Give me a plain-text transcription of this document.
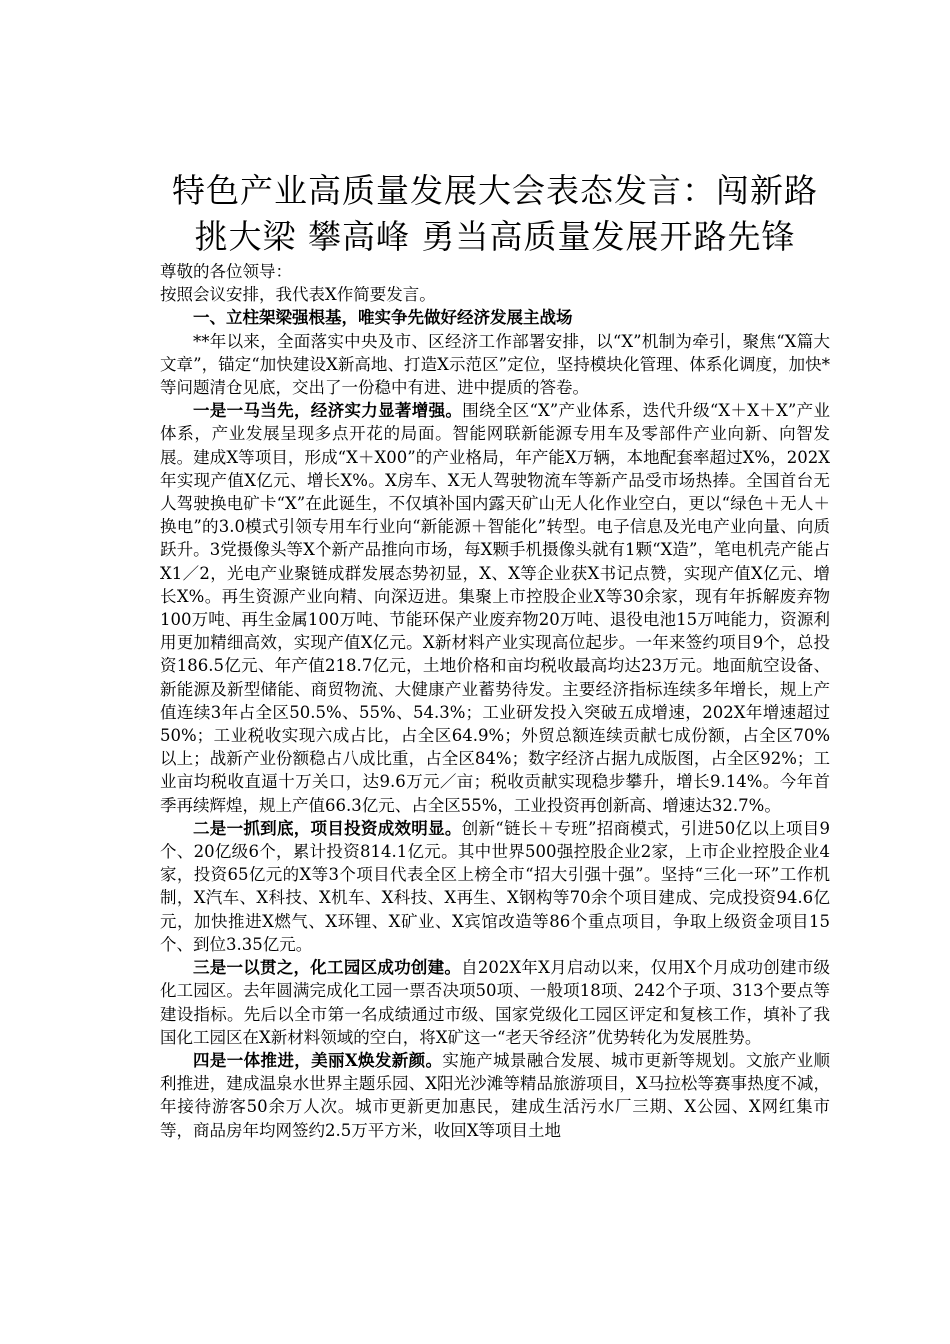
特色产业高质量发展大会表态发言：闯新路
挑大梁 攀高峰 勇当高质量发展开路先锋

尊敬的各位领导：

按照会议安排，我代表X作简要发言。

一、立柱架梁强根基，唯实争先做好经济发展主战场

**年以来，全面落实中央及市、区经济工作部署安排，以“X”机制为牵引，聚焦“X篇大文章”，锚定“加快建设X新高地、打造X示范区”定位，坚持模块化管理、体系化调度，加快*等问题清仓见底，交出了一份稳中有进、进中提质的答卷。

一是一马当先，经济实力显著增强。围绕全区“X”产业体系，迭代升级“X＋X＋X”产业体系，产业发展呈现多点开花的局面。智能网联新能源专用车及零部件产业向新、向智发展。建成X等项目，形成“X＋X00”的产业格局，年产能X万辆，本地配套率超过X%，202X年实现产值X亿元、增长X%。X房车、X无人驾驶物流车等新产品受市场热捧。全国首台无人驾驶换电矿卡“X”在此诞生，不仅填补国内露天矿山无人化作业空白，更以“绿色＋无人＋换电”的3.0模式引领专用车行业向“新能源＋智能化”转型。电子信息及光电产业向量、向质跃升。3党摄像头等X个新产品推向市场，每X颗手机摄像头就有1颗“X造”，笔电机壳产能占X1／2，光电产业聚链成群发展态势初显，X、X等企业获X书记点赞，实现产值X亿元、增长X%。再生资源产业向精、向深迈进。集聚上市控股企业X等30余家，现有年拆解废弃物100万吨、再生金属100万吨、节能环保产业废弃物20万吨、退役电池15万吨能力，资源利用更加精细高效，实现产值X亿元。X新材料产业实现高位起步。一年来签约项目9个，总投资186.5亿元、年产值218.7亿元，土地价格和亩均税收最高均达23万元。地面航空设备、新能源及新型储能、商贸物流、大健康产业蓄势待发。主要经济指标连续多年增长，规上产值连续3年占全区50.5%、55%、54.3%；工业研发投入突破五成增速，202X年增速超过50%；工业税收实现六成占比，占全区64.9%；外贸总额连续贡献七成份额，占全区70%以上；战新产业份额稳占八成比重，占全区84%；数字经济占据九成版图，占全区92%；工业亩均税收直逼十万关口，达9.6万元／亩；税收贡献实现稳步攀升，增长9.14%。今年首季再续辉煌，规上产值66.3亿元、占全区55%，工业投资再创新高、增速达32.7%。

二是一抓到底，项目投资成效明显。创新“链长＋专班”招商模式，引进50亿以上项目9个、20亿级6个，累计投资814.1亿元。其中世界500强控股企业2家，上市企业控股企业4家，投资65亿元的X等3个项目代表全区上榜全市“招大引强十强”。坚持“三化一环”工作机制，X汽车、X科技、X机车、X科技、X再生、X钢构等70余个项目建成、完成投资94.6亿元，加快推进X燃气、X环锂、X矿业、X宾馆改造等86个重点项目，争取上级资金项目15个、到位3.35亿元。

三是一以贯之，化工园区成功创建。自202X年X月启动以来，仅用X个月成功创建市级化工园区。去年圆满完成化工园一票否决项50项、一般项18项、242个子项、313个要点等建设指标。先后以全市第一名成绩通过市级、国家党级化工园区评定和复核工作，填补了我国化工园区在X新材料领域的空白，将X矿这一“老天爷经济”优势转化为发展胜势。

四是一体推进，美丽X焕发新颜。实施产城景融合发展、城市更新等规划。文旅产业顺利推进，建成温泉水世界主题乐园、X阳光沙滩等精品旅游项目，X马拉松等赛事热度不减，年接待游客50余万人次。城市更新更加惠民，建成生活污水厂三期、X公园、X网红集市等，商品房年均网签约2.5万平方米，收回X等项目土地
